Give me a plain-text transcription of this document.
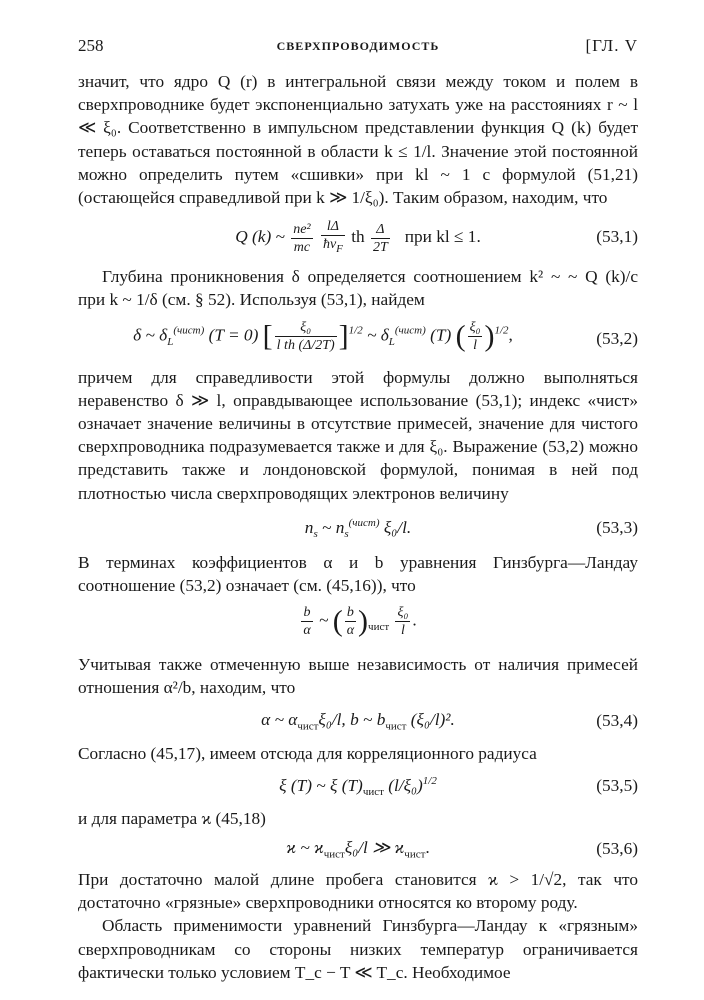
258	СВЕРХПРОВОДИМОСТЬ	[ГЛ. V

значит, что ядро Q (r) в интегральной связи между током и полем в сверхпроводнике будет экспоненциально затухать уже на расстояниях r ~ l ≪ ξ₀. Соответственно в импульсном представлении функция Q (k) будет теперь оставаться постоянной в области k ≤ 1/l. Значение этой постоянной можно определить путем «сшивки» при kl ~ 1 с формулой (51,21) (остающейся справедливой при k ≫ 1/ξ₀). Таким образом, находим, что

Q (k) ~ $\frac{\text{ne²}}{mc}$
$\frac{l\Delta}{ħv_F}$ th $\frac{\Delta}{2T}$ при kl ≤ 1.	(53,1)

Глубина проникновения δ определяется соотношением k² ~ ~ Q (k)/c при k ~ 1/δ (см. § 52). Используя (53,1), найдем

δ ~ $\delta_L^{(чист)}$ (T = 0) [ $\frac{\text{ξ₀}}{\text{l th (Δ/2T)}} ]^{1/2}$ ~ $\delta_L^{(чист)}$ (T) ( $\frac{\text{ξ₀}}{l} )^{1/2}$,	(53,2)

причем для справедливости этой формулы должно выполняться неравенство δ ≫ l, оправдывающее использование (53,1); индекс «чист» означает значение величины в отсутствие примесей, значение для чистого сверхпроводника подразумевается также и для ξ₀. Выражение (53,2) можно представить также и лондоновской формулой, понимая в ней под плотностью числа сверхпроводящих электронов величину

$n_s$ ~ $n_s^{(чист)}$ ξ₀/l.	(53,3)

В терминах коэффициентов α и b уравнения Гинзбурга—Ландау соотношение (53,2) означает (см. (45,16)), что

$\frac{b}{\alpha}$ ~ ( $\frac{b}{\alpha} )_{чист} \frac{\text{ξ₀}}{l}$ .

Учитывая также отмеченную выше независимость от наличия примесей отношения α²/b, находим, что

α ~ $\alpha_{чист}\xi_0/l$, b ~ $b_{чист}$ (ξ₀/l)².	(53,4)

Согласно (45,17), имеем отсюда для корреляционного радиуса

ξ (T) ~ ξ $(T)_{чист}$ $(l/\xi_0)^{1/2}$	(53,5)

и для параметра ϰ (45,18)

ϰ ~ $ϰ_{чист}\xi_0/l$ ≫ $ϰ_{чист}$.	(53,6)

При достаточно малой длине пробега становится ϰ > 1/√2, так что достаточно «грязные» сверхпроводники относятся ко второму роду.

Область применимости уравнений Гинзбурга—Ландау к «грязным» сверхпроводникам со стороны низких температур ограничивается фактически только условием T_c − T ≪ T_c. Необходимое
